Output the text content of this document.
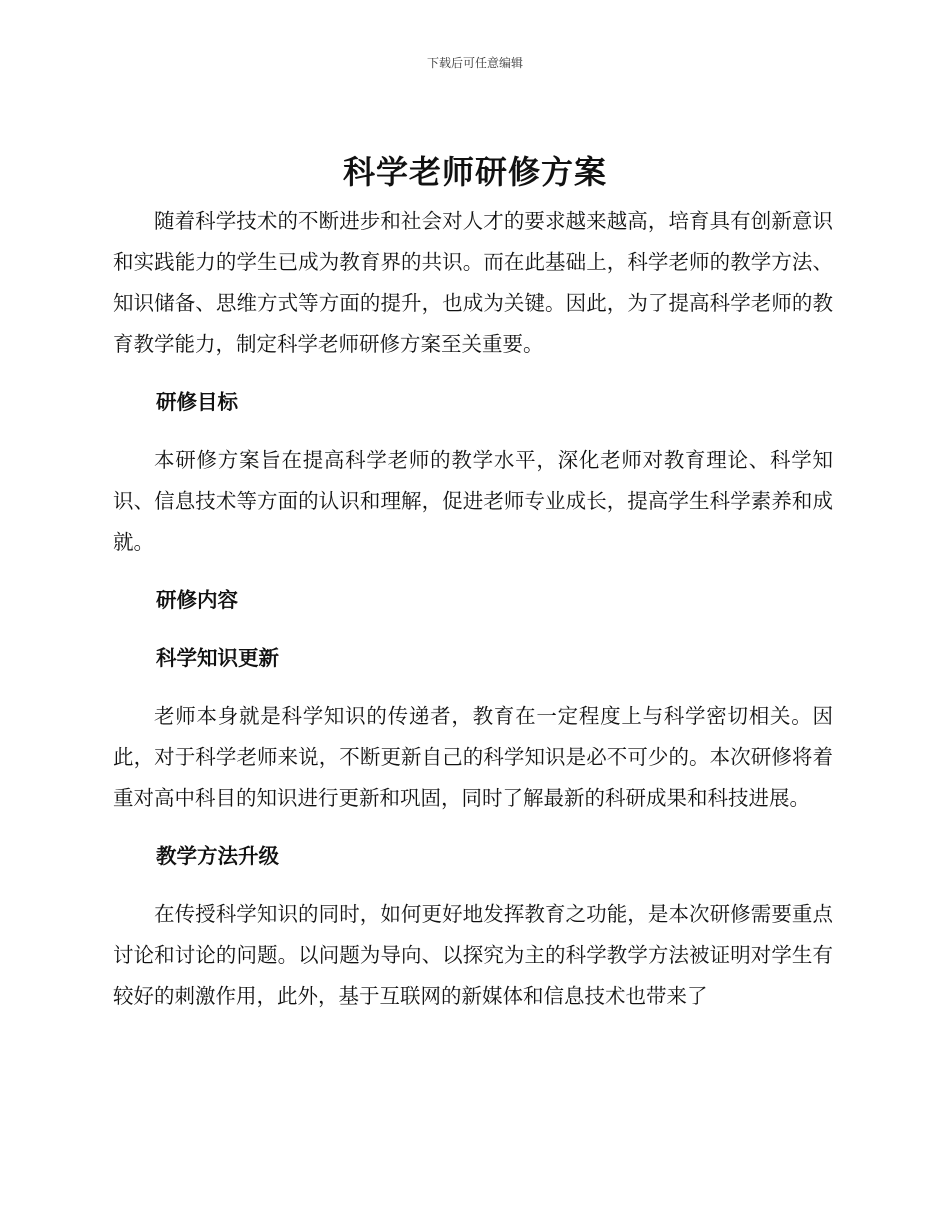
下载后可任意编辑
科学老师研修方案

随着科学技术的不断进步和社会对人才的要求越来越高，培育具有创新意识和实践能力的学生已成为教育界的共识。而在此基础上，科学老师的教学方法、知识储备、思维方式等方面的提升，也成为关键。因此，为了提高科学老师的教育教学能力，制定科学老师研修方案至关重要。

研修目标

本研修方案旨在提高科学老师的教学水平，深化老师对教育理论、科学知识、信息技术等方面的认识和理解，促进老师专业成长，提高学生科学素养和成就。

研修内容
科学知识更新

老师本身就是科学知识的传递者，教育在一定程度上与科学密切相关。因此，对于科学老师来说，不断更新自己的科学知识是必不可少的。本次研修将着重对高中科目的知识进行更新和巩固，同时了解最新的科研成果和科技进展。

教学方法升级

在传授科学知识的同时，如何更好地发挥教育之功能，是本次研修需要重点讨论和讨论的问题。以问题为导向、以探究为主的科学教学方法被证明对学生有较好的刺激作用，此外，基于互联网的新媒体和信息技术也带来了
